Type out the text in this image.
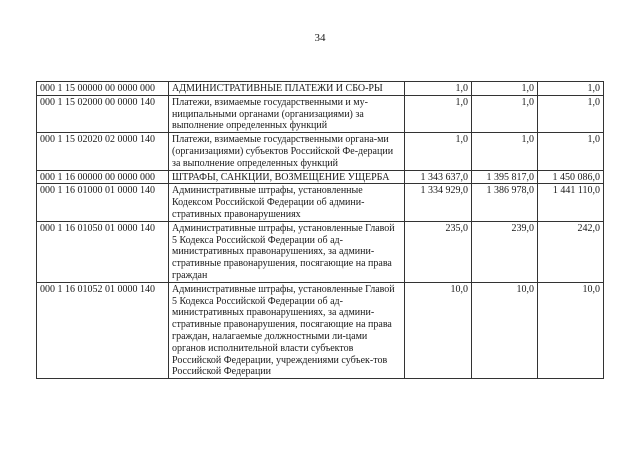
34
000 1 15 00000 00 0000 000	АДМИНИСТРАТИВНЫЕ ПЛАТЕЖИ И СБО-РЫ	1,0	1,0	1,0
000 1 15 02000 00 0000 140	Платежи, взимаемые государственными и му-ниципальными органами (организациями) за выполнение определенных функций	1,0	1,0	1,0
000 1 15 02020 02 0000 140	Платежи, взимаемые государственными органа-ми (организациями) субъектов Российской Фе-дерации за выполнение определенных функций	1,0	1,0	1,0
000 1 16 00000 00 0000 000	ШТРАФЫ, САНКЦИИ, ВОЗМЕЩЕНИЕ УЩЕРБА	1 343 637,0	1 395 817,0	1 450 086,0
000 1 16 01000 01 0000 140	Административные штрафы, установленные Кодексом Российской Федерации об админи-стративных правонарушениях	1 334 929,0	1 386 978,0	1 441 110,0
000 1 16 01050 01 0000 140	Административные штрафы, установленные Главой 5 Кодекса Российской Федерации об ад-министративных правонарушениях, за админи-стративные правонарушения, посягающие на права граждан	235,0	239,0	242,0
000 1 16 01052 01 0000 140	Административные штрафы, установленные Главой 5 Кодекса Российской Федерации об ад-министративных правонарушениях, за админи-стративные правонарушения, посягающие на права граждан, налагаемые должностными ли-цами органов исполнительной власти субъектов Российской Федерации, учреждениями субъек-тов Российской Федерации	10,0	10,0	10,0
